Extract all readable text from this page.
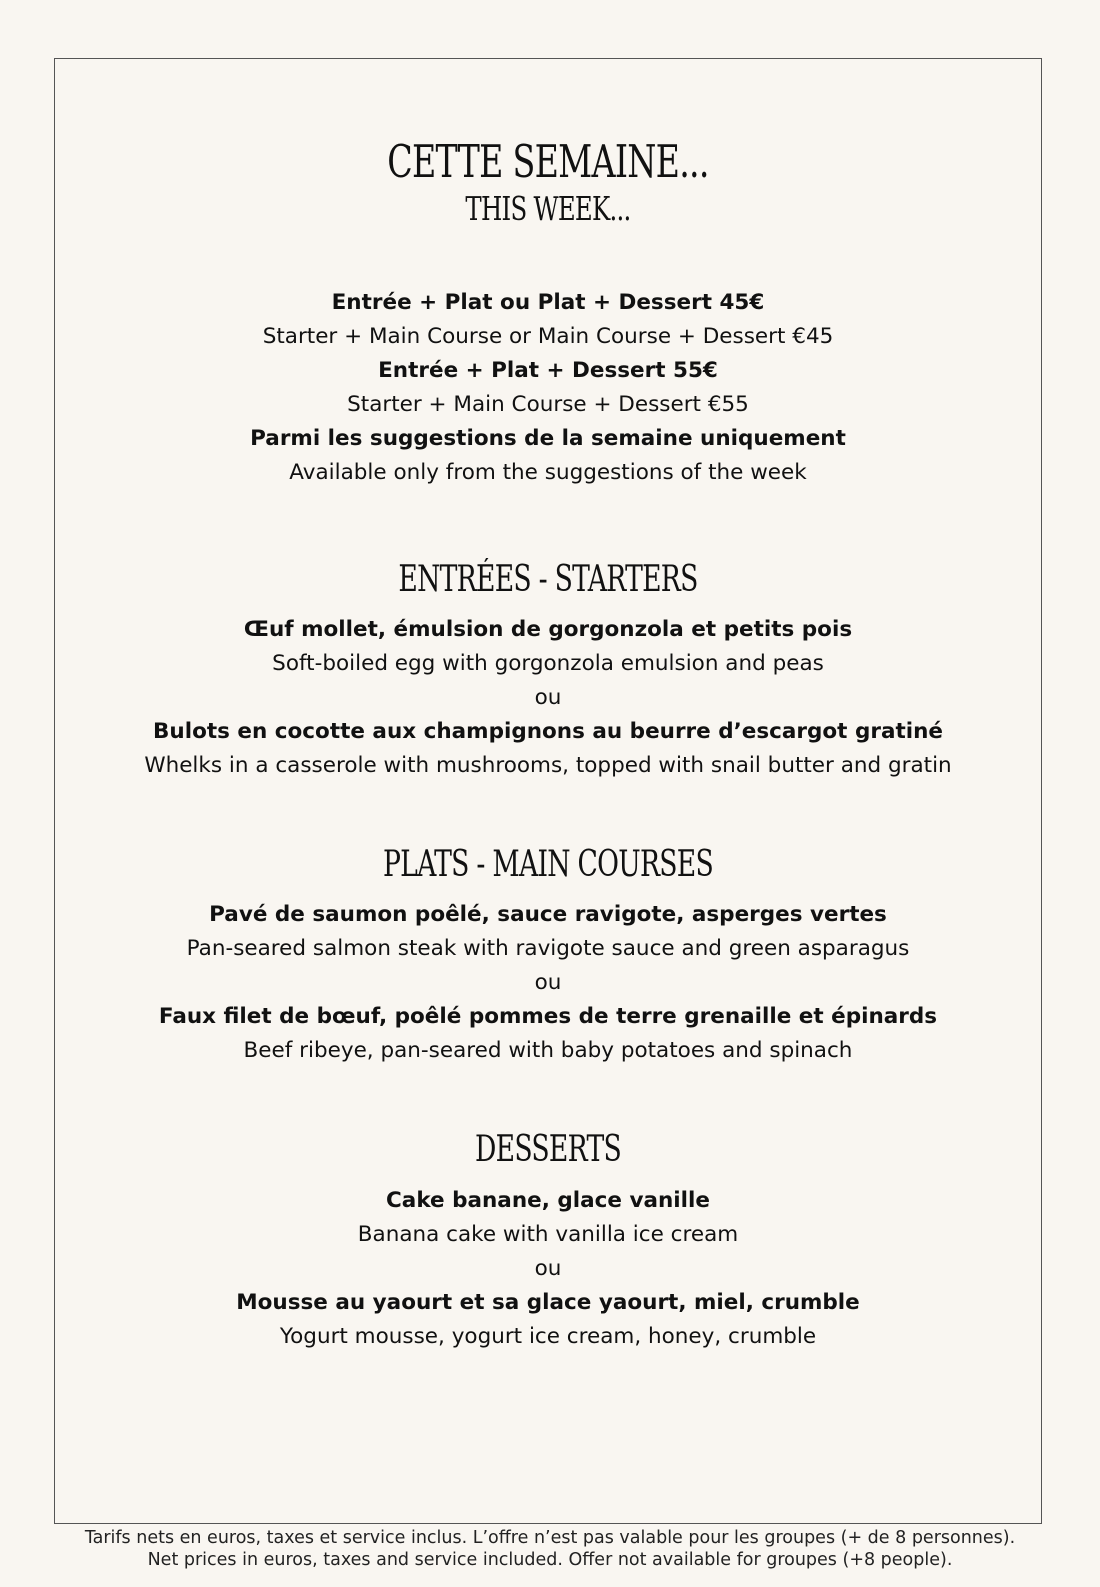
CETTE SEMAINE...
THIS WEEK...
Entrée + Plat ou Plat + Dessert 45€
Starter + Main Course or Main Course + Dessert €45
Entrée + Plat + Dessert 55€
Starter + Main Course + Dessert €55
Parmi les suggestions de la semaine uniquement
Available only from the suggestions of the week
ENTRÉES - STARTERS
Œuf mollet, émulsion de gorgonzola et petits pois
Soft-boiled egg with gorgonzola emulsion and peas
ou
Bulots en cocotte aux champignons au beurre d’escargot gratiné
Whelks in a casserole with mushrooms, topped with snail butter and gratin
PLATS - MAIN COURSES
Pavé de saumon poêlé, sauce ravigote, asperges vertes
Pan-seared salmon steak with ravigote sauce and green asparagus
ou
Faux filet de bœuf, poêlé pommes de terre grenaille et épinards
Beef ribeye, pan-seared with baby potatoes and spinach
DESSERTS
Cake banane, glace vanille
Banana cake with vanilla ice cream
ou
Mousse au yaourt et sa glace yaourt, miel, crumble
Yogurt mousse, yogurt ice cream, honey, crumble
Tarifs nets en euros, taxes et service inclus. L’offre n’est pas valable pour les groupes (+ de 8 personnes).
Net prices in euros, taxes and service included. Offer not available for groupes (+8 people).
